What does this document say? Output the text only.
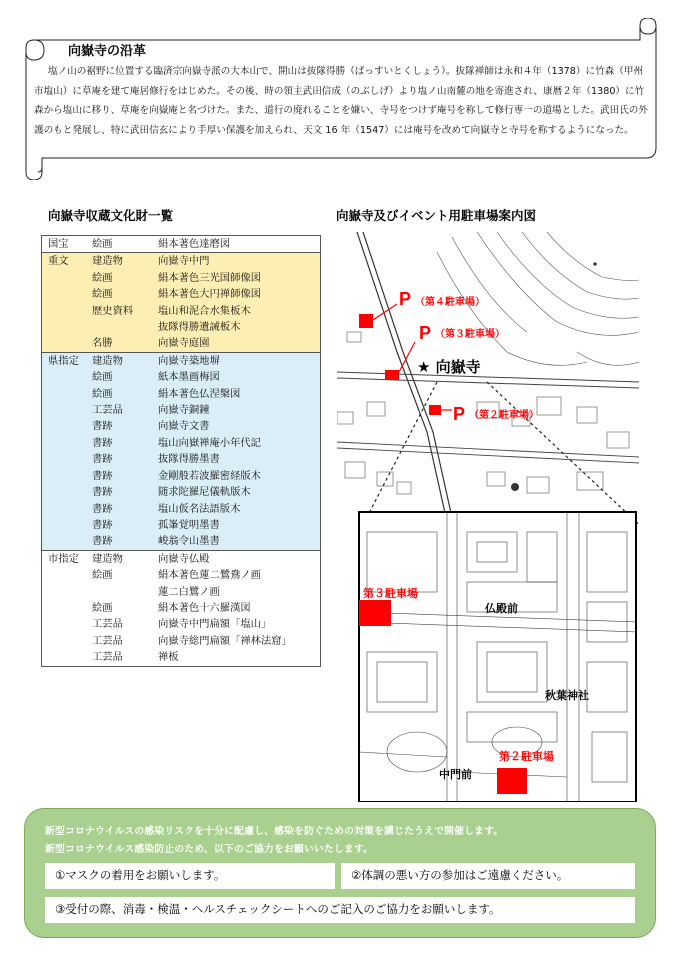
向嶽寺の沿革
塩ノ山の裾野に位置する臨済宗向嶽寺派の大本山で、開山は抜隊得勝（ばっすいとくしょう）。抜隊禅師は永和４年（1378）に竹森（甲州市塩山）に草庵を建て庵居修行をはじめた。その後、時の領主武田信成（のぶしげ）より塩ノ山南麓の地を寄進され、康暦２年（1380）に竹森から塩山に移り、草庵を向嶽庵と名づけた。また、道行の廃れることを嫌い、寺号をつけず庵号を称して修行専一の道場とした。武田氏の外護のもと発展し、特に武田信玄により手厚い保護を加えられ、天文 16 年（1547）には庵号を改めて向嶽寺と寺号を称するようになった。
向嶽寺収蔵文化財一覧
国宝	絵画	絹本著色達磨図
重文	建造物	向嶽寺中門
	絵画	絹本著色三光国師像図
	絵画	絹本著色大円禅師像図
	歴史資料	塩山和泥合水集板木
		抜隊得勝遺誡板木
	名勝	向嶽寺庭園
県指定	建造物	向嶽寺築地塀
	絵画	紙本墨画梅図
	絵画	絹本著色仏涅槃図
	工芸品	向嶽寺銅鐘
	書跡	向嶽寺文書
	書跡	塩山向嶽禅庵小年代記
	書跡	抜隊得勝墨書
	書跡	金剛般若波羅密経版木
	書跡	随求陀羅尼儀軌版木
	書跡	塩山仮名法語版木
	書跡	孤峯覚明墨書
	書跡	峻翁令山墨書
市指定	建造物	向嶽寺仏殿
	絵画	絹本著色蓮二鷺鴦ノ画
		蓮二白鷺ノ画
	絵画	絹本著色十六羅漢図
	工芸品	向嶽寺中門扁額「塩山」
	工芸品	向嶽寺総門扁額「禅林法窟」
	工芸品	禅板
向嶽寺及びイベント用駐車場案内図
P （第４駐車場）
P （第３駐車場）
★ 向嶽寺
P （第２駐車場）
第３駐車場
仏殿前
秋葉神社
第２駐車場
中門前
新型コロナウイルスの感染リスクを十分に配慮し、感染を防ぐための対策を講じたうえで開催します。
新型コロナウイルス感染防止のため、以下のご協力をお願いいたします。
①マスクの着用をお願いします。	②体調の悪い方の参加はご遠慮ください。
③受付の際、消毒・検温・ヘルスチェックシートへのご記入のご協力をお願いします。
